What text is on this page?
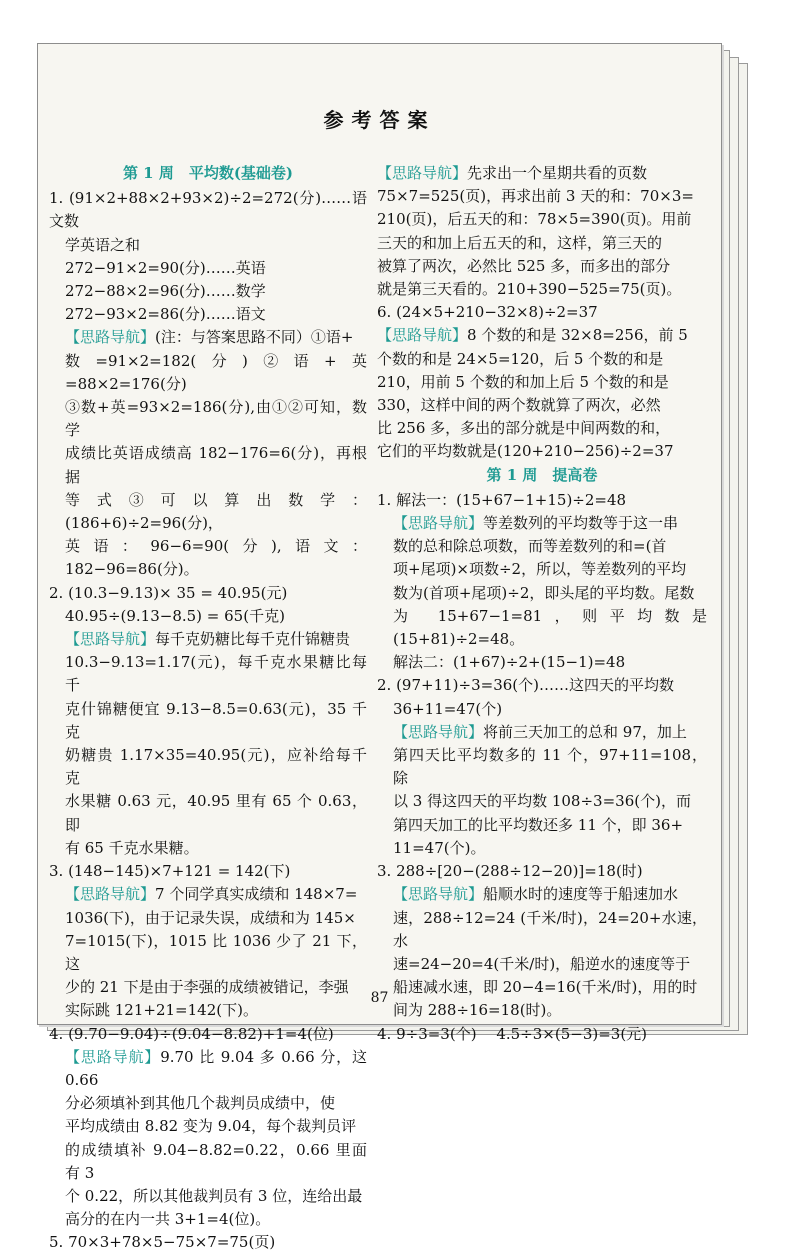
参考答案
第 1 周　平均数(基础卷)
1. (91×2+88×2+93×2)÷2=272(分)……语文数
学英语之和
272−91×2=90(分)……英语
272−88×2=96(分)……数学
272−93×2=86(分)……语文
【思路导航】(注：与答案思路不同）①语+
数=91×2=182(分)②语+英=88×2=176(分)
③数+英=93×2=186(分),由①②可知，数学
成绩比英语成绩高 182−176=6(分)，再根据
等式③可以算出数学：(186+6)÷2=96(分)，
英语：96−6=90(分),语文：182−96=86(分)。
2. (10.3−9.13)× 35 = 40.95(元)
40.95÷(9.13−8.5) = 65(千克)
【思路导航】每千克奶糖比每千克什锦糖贵
10.3−9.13=1.17(元)，每千克水果糖比每千
克什锦糖便宜 9.13−8.5=0.63(元)，35 千克
奶糖贵 1.17×35=40.95(元)，应补给每千克
水果糖 0.63 元，40.95 里有 65 个 0.63，即
有 65 千克水果糖。
3. (148−145)×7+121 = 142(下)
【思路导航】7 个同学真实成绩和 148×7=
1036(下)，由于记录失误，成绩和为 145×
7=1015(下)，1015 比 1036 少了 21 下，这
少的 21 下是由于李强的成绩被错记，李强
实际跳 121+21=142(下)。
4. (9.70−9.04)÷(9.04−8.82)+1=4(位)
【思路导航】9.70 比 9.04 多 0.66 分，这 0.66
分必须填补到其他几个裁判员成绩中，使
平均成绩由 8.82 变为 9.04，每个裁判员评
的成绩填补 9.04−8.82=0.22，0.66 里面有 3
个 0.22，所以其他裁判员有 3 位，连给出最
高分的在内一共 3+1=4(位)。
5. 70×3+78×5−75×7=75(页)
【思路导航】先求出一个星期共看的页数
75×7=525(页)，再求出前 3 天的和：70×3=
210(页)，后五天的和：78×5=390(页)。用前
三天的和加上后五天的和，这样，第三天的
被算了两次，必然比 525 多，而多出的部分
就是第三天看的。210+390−525=75(页)。
6. (24×5+210−32×8)÷2=37
【思路导航】8 个数的和是 32×8=256，前 5
个数的和是 24×5=120，后 5 个数的和是
210，用前 5 个数的和加上后 5 个数的和是
330，这样中间的两个数就算了两次，必然
比 256 多，多出的部分就是中间两数的和，
它们的平均数就是(120+210−256)÷2=37
第 1 周　提高卷
1. 解法一：(15+67−1+15)÷2=48
【思路导航】等差数列的平均数等于这一串
数的总和除总项数，而等差数列的和=(首
项+尾项)×项数÷2，所以，等差数列的平均
数为(首项+尾项)÷2，即头尾的平均数。尾数
为 15+67−1=81，则平均数是(15+81)÷2=48。
解法二：(1+67)÷2+(15−1)=48
2. (97+11)÷3=36(个)……这四天的平均数
36+11=47(个)
【思路导航】将前三天加工的总和 97，加上
第四天比平均数多的 11 个，97+11=108，除
以 3 得这四天的平均数 108÷3=36(个)，而
第四天加工的比平均数还多 11 个，即 36+
11=47(个)。
3. 288÷[20−(288÷12−20)]=18(时)
【思路导航】船顺水时的速度等于船速加水
速，288÷12=24 (千米/时)，24=20+水速，水
速=24−20=4(千米/时)，船逆水的速度等于
船速减水速，即 20−4=16(千米/时)，用的时
间为 288÷16=18(时)。
4. 9÷3=3(个)　 4.5÷3×(5−3)=3(元)
87
